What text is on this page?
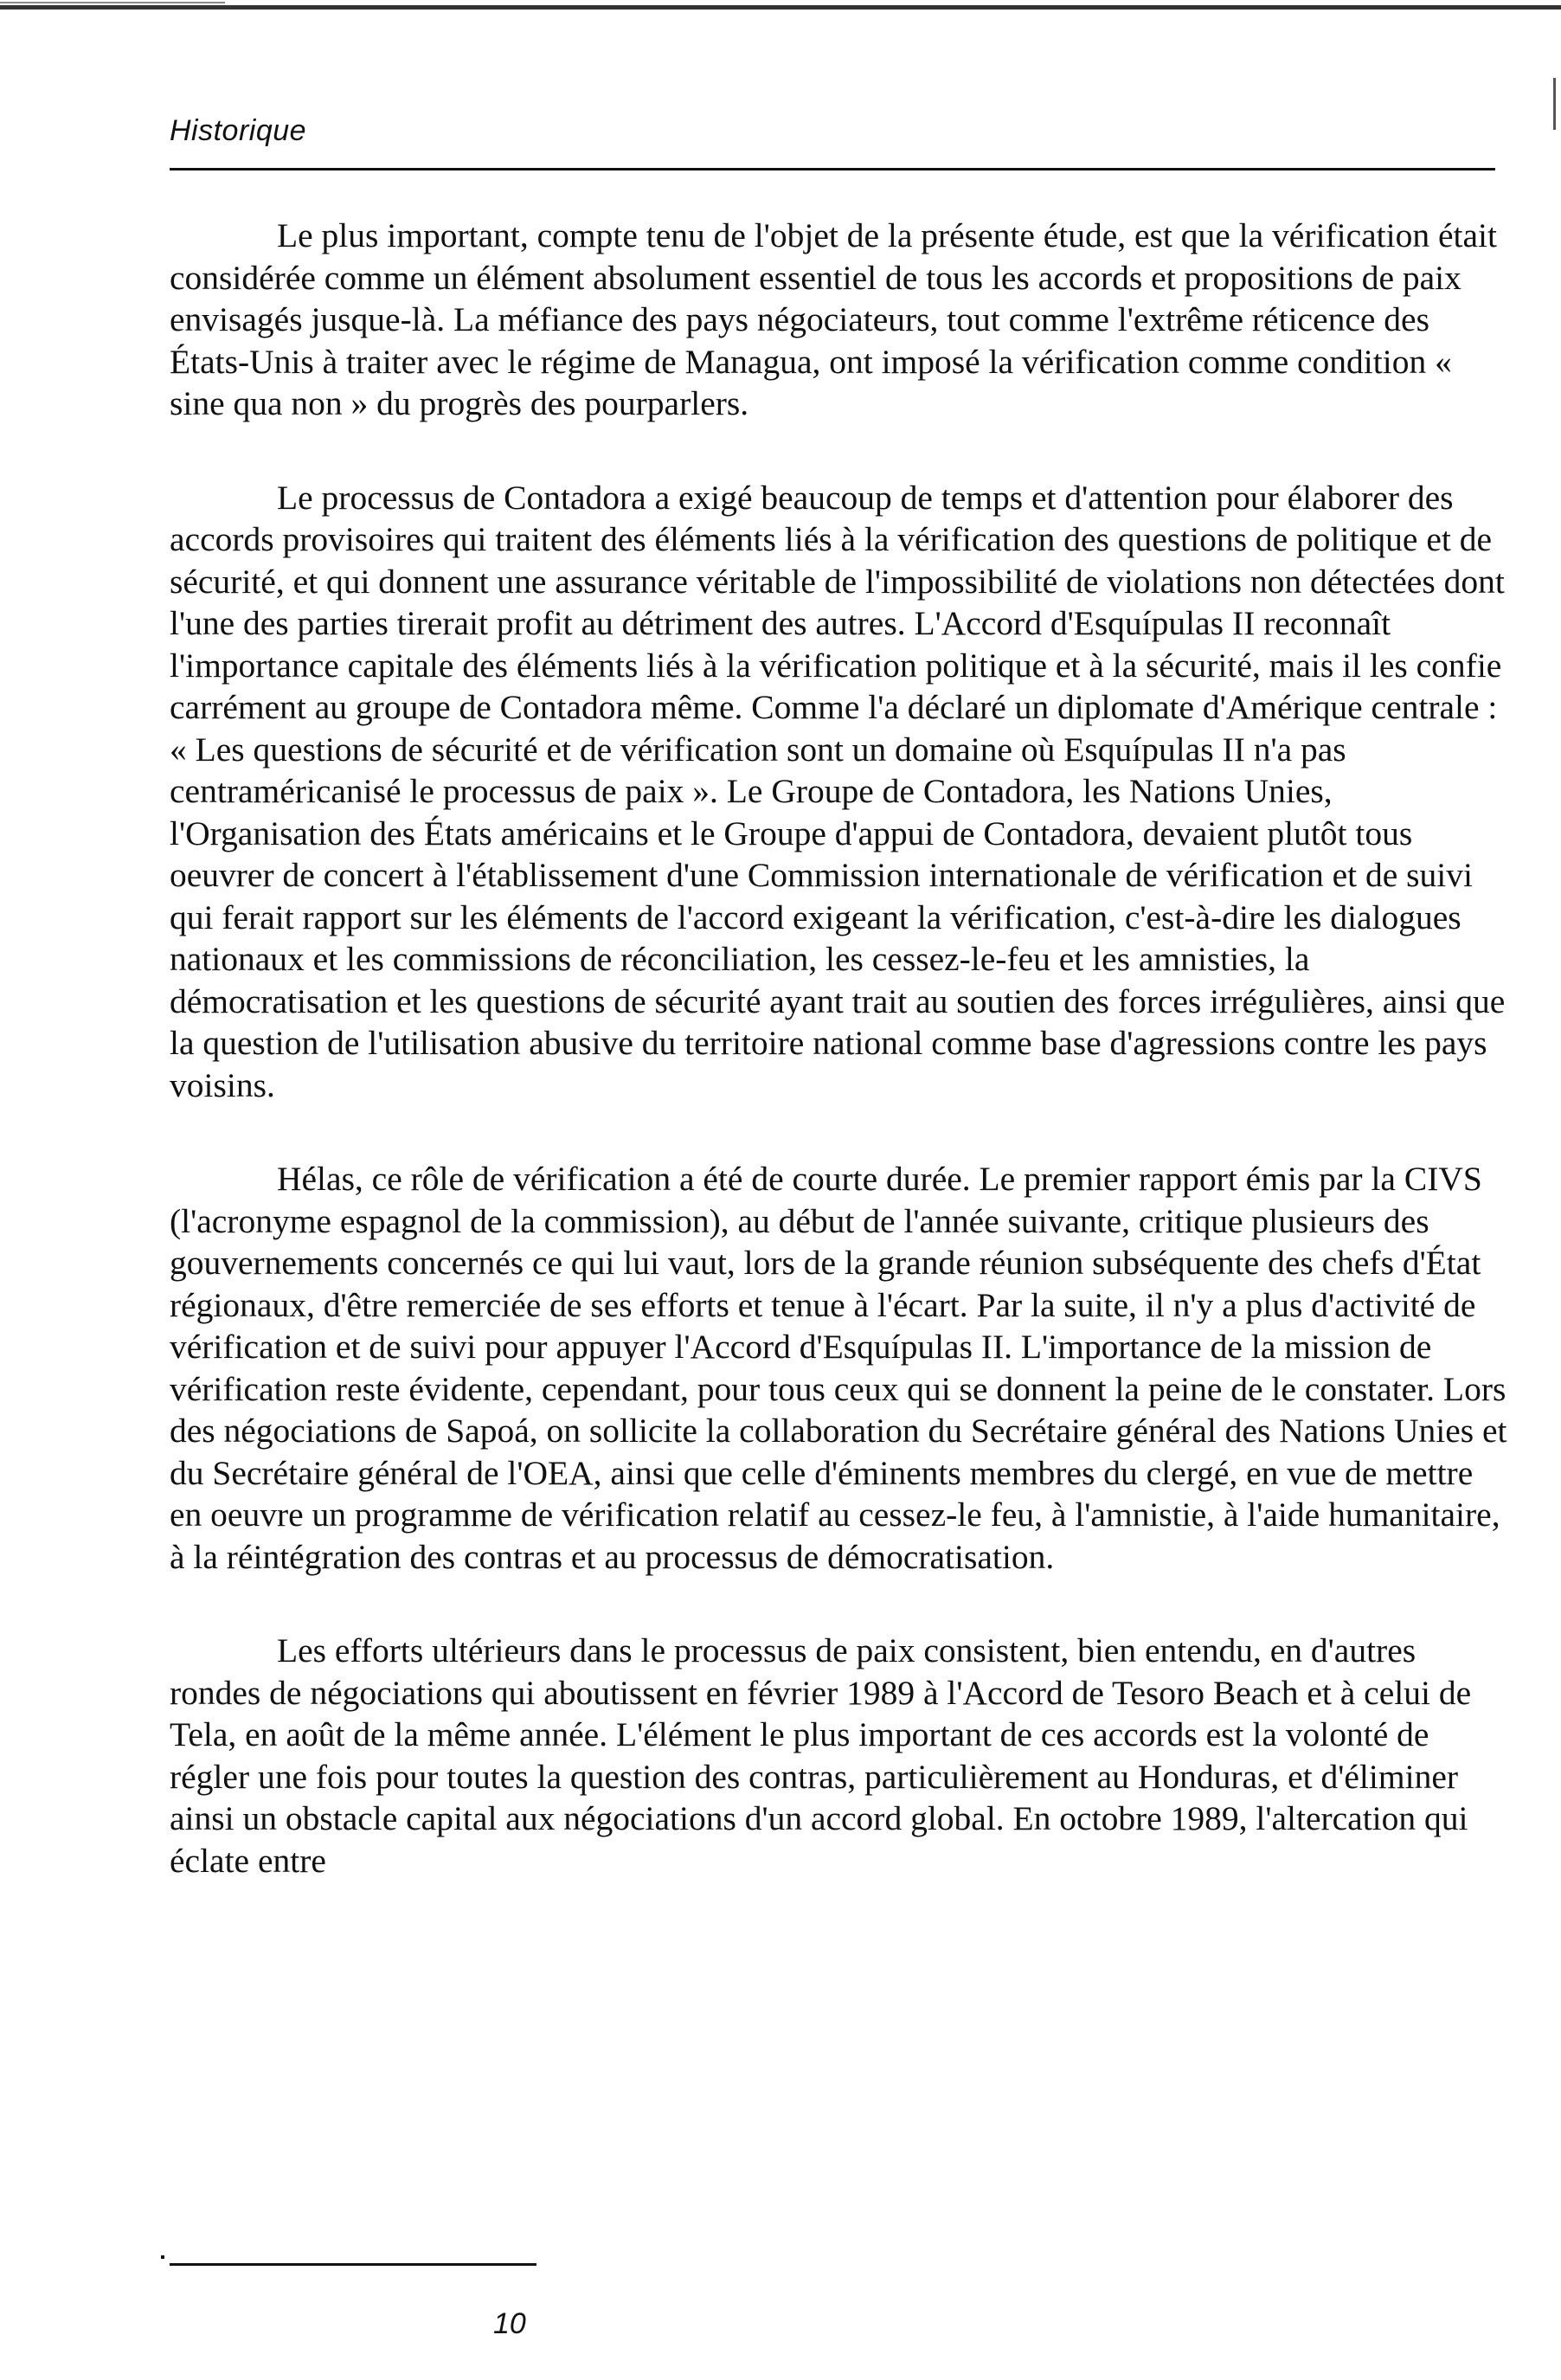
Historique

Le plus important, compte tenu de l'objet de la présente étude, est que la vérification était considérée comme un élément absolument essentiel de tous les accords et propositions de paix envisagés jusque-là. La méfiance des pays négociateurs, tout comme l'extrême réticence des États-Unis à traiter avec le régime de Managua, ont imposé la vérification comme condition « sine qua non » du progrès des pourparlers.

Le processus de Contadora a exigé beaucoup de temps et d'attention pour élaborer des accords provisoires qui traitent des éléments liés à la vérification des questions de politique et de sécurité, et qui donnent une assurance véritable de l'impossibilité de violations non détectées dont l'une des parties tirerait profit au détriment des autres. L'Accord d'Esquípulas II reconnaît l'importance capitale des éléments liés à la vérification politique et à la sécurité, mais il les confie carrément au groupe de Contadora même. Comme l'a déclaré un diplomate d'Amérique centrale : « Les questions de sécurité et de vérification sont un domaine où Esquípulas II n'a pas centraméricanisé le processus de paix ». Le Groupe de Contadora, les Nations Unies, l'Organisation des États américains et le Groupe d'appui de Contadora, devaient plutôt tous oeuvrer de concert à l'établissement d'une Commission internationale de vérification et de suivi qui ferait rapport sur les éléments de l'accord exigeant la vérification, c'est-à-dire les dialogues nationaux et les commissions de réconciliation, les cessez-le-feu et les amnisties, la démocratisation et les questions de sécurité ayant trait au soutien des forces irrégulières, ainsi que la question de l'utilisation abusive du territoire national comme base d'agressions contre les pays voisins.

Hélas, ce rôle de vérification a été de courte durée. Le premier rapport émis par la CIVS (l'acronyme espagnol de la commission), au début de l'année suivante, critique plusieurs des gouvernements concernés ce qui lui vaut, lors de la grande réunion subséquente des chefs d'État régionaux, d'être remerciée de ses efforts et tenue à l'écart. Par la suite, il n'y a plus d'activité de vérification et de suivi pour appuyer l'Accord d'Esquípulas II. L'importance de la mission de vérification reste évidente, cependant, pour tous ceux qui se donnent la peine de le constater. Lors des négociations de Sapoá, on sollicite la collaboration du Secrétaire général des Nations Unies et du Secrétaire général de l'OEA, ainsi que celle d'éminents membres du clergé, en vue de mettre en oeuvre un programme de vérification relatif au cessez-le feu, à l'amnistie, à l'aide humanitaire, à la réintégration des contras et au processus de démocratisation.

Les efforts ultérieurs dans le processus de paix consistent, bien entendu, en d'autres rondes de négociations qui aboutissent en février 1989 à l'Accord de Tesoro Beach et à celui de Tela, en août de la même année. L'élément le plus important de ces accords est la volonté de régler une fois pour toutes la question des contras, particulièrement au Honduras, et d'éliminer ainsi un obstacle capital aux négociations d'un accord global. En octobre 1989, l'altercation qui éclate entre

10
